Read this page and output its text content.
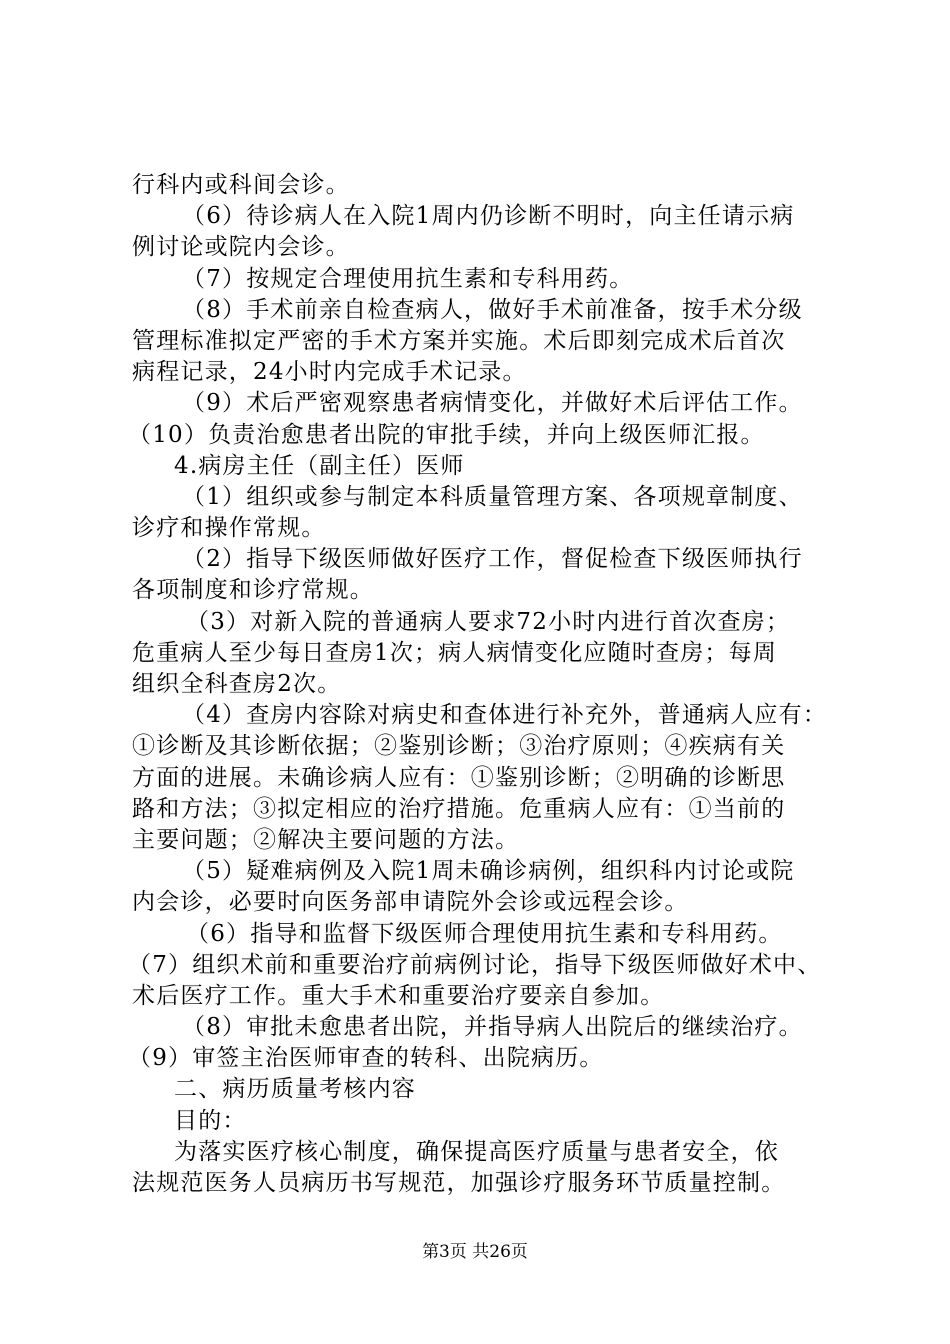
行科内或科间会诊。
（6）待诊病人在入院1周内仍诊断不明时，向主任请示病
例讨论或院内会诊。
（7）按规定合理使用抗生素和专科用药。
（8）手术前亲自检查病人，做好手术前准备，按手术分级
管理标准拟定严密的手术方案并实施。术后即刻完成术后首次
病程记录，24小时内完成手术记录。
（9）术后严密观察患者病情变化，并做好术后评估工作。
（10）负责治愈患者出院的审批手续，并向上级医师汇报。
4.病房主任（副主任）医师
（1）组织或参与制定本科质量管理方案、各项规章制度、
诊疗和操作常规。
（2）指导下级医师做好医疗工作，督促检查下级医师执行
各项制度和诊疗常规。
（3）对新入院的普通病人要求72小时内进行首次查房；
危重病人至少每日查房1次；病人病情变化应随时查房；每周
组织全科查房2次。
（4）查房内容除对病史和查体进行补充外，普通病人应有：
①诊断及其诊断依据；②鉴别诊断；③治疗原则；④疾病有关
方面的进展。未确诊病人应有：①鉴别诊断；②明确的诊断思
路和方法；③拟定相应的治疗措施。危重病人应有：①当前的
主要问题；②解决主要问题的方法。
（5）疑难病例及入院1周未确诊病例，组织科内讨论或院
内会诊，必要时向医务部申请院外会诊或远程会诊。
（6）指导和监督下级医师合理使用抗生素和专科用药。
（7）组织术前和重要治疗前病例讨论，指导下级医师做好术中、
术后医疗工作。重大手术和重要治疗要亲自参加。
（8）审批未愈患者出院，并指导病人出院后的继续治疗。
（9）审签主治医师审查的转科、出院病历。
二、病历质量考核内容
目的：
为落实医疗核心制度，确保提高医疗质量与患者安全，依
法规范医务人员病历书写规范，加强诊疗服务环节质量控制。
第3页 共26页
